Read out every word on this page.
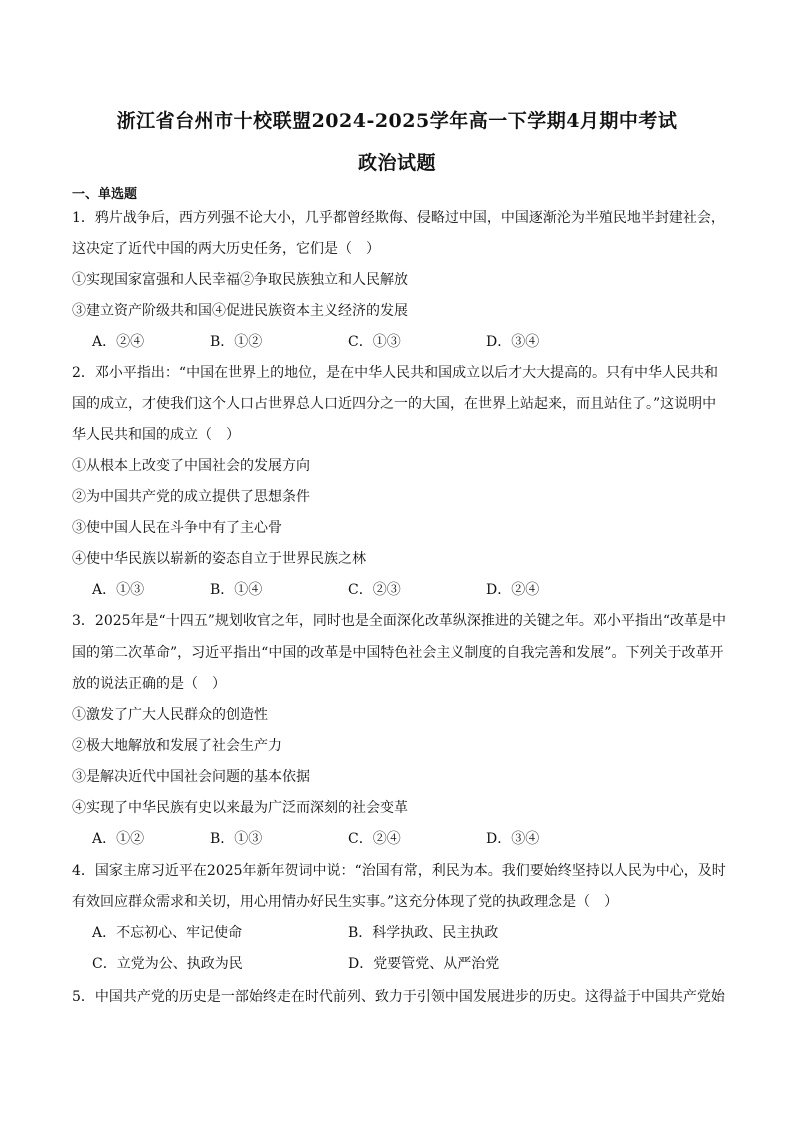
浙江省台州市十校联盟2024-2025学年高一下学期4月期中考试
政治试题
一、单选题
1．鸦片战争后，西方列强不论大小，几乎都曾经欺侮、侵略过中国，中国逐渐沦为半殖民地半封建社会，
这决定了近代中国的两大历史任务，它们是（　）
①实现国家富强和人民幸福②争取民族独立和人民解放
③建立资产阶级共和国④促进民族资本主义经济的发展
A．②④	B．①②	C．①③	D．③④
2．邓小平指出：“中国在世界上的地位，是在中华人民共和国成立以后才大大提高的。只有中华人民共和
国的成立，才使我们这个人口占世界总人口近四分之一的大国，在世界上站起来，而且站住了。”这说明中
华人民共和国的成立（　）
①从根本上改变了中国社会的发展方向
②为中国共产党的成立提供了思想条件
③使中国人民在斗争中有了主心骨
④使中华民族以崭新的姿态自立于世界民族之林
A．①③	B．①④	C．②③	D．②④
3．2025年是“十四五”规划收官之年，同时也是全面深化改革纵深推进的关键之年。邓小平指出“改革是中
国的第二次革命”，习近平指出“中国的改革是中国特色社会主义制度的自我完善和发展”。下列关于改革开
放的说法正确的是（　）
①激发了广大人民群众的创造性
②极大地解放和发展了社会生产力
③是解决近代中国社会问题的基本依据
④实现了中华民族有史以来最为广泛而深刻的社会变革
A．①②	B．①③	C．②④	D．③④
4．国家主席习近平在2025年新年贺词中说：“治国有常，利民为本。我们要始终坚持以人民为中心，及时
有效回应群众需求和关切，用心用情办好民生实事。”这充分体现了党的执政理念是（　）
A．不忘初心、牢记使命	B．科学执政、民主执政
C．立党为公、执政为民	D．党要管党、从严治党
5．中国共产党的历史是一部始终走在时代前列、致力于引领中国发展进步的历史。这得益于中国共产党始
